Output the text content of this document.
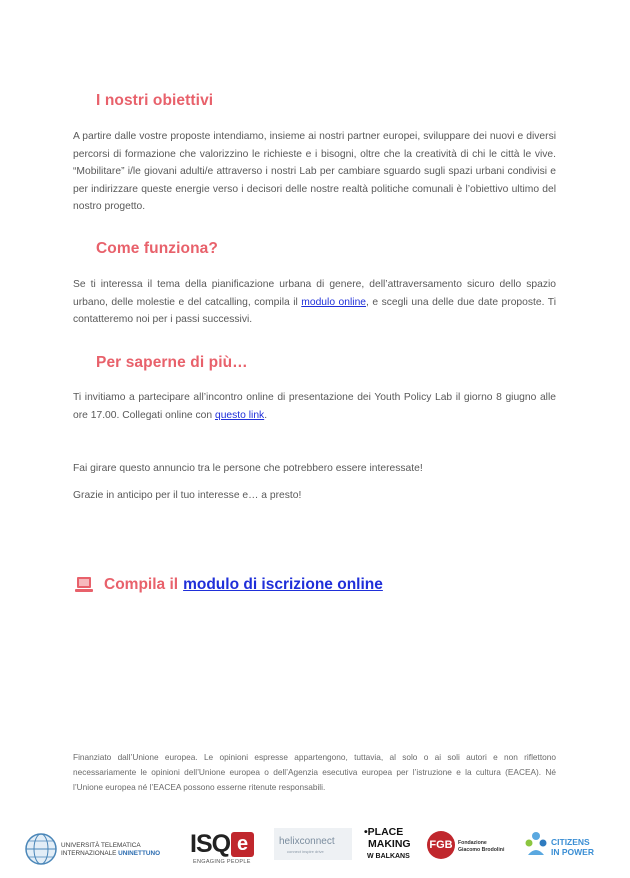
I nostri obiettivi

A partire dalle vostre proposte intendiamo, insieme ai nostri partner europei, sviluppare dei nuovi e diversi percorsi di formazione che valorizzino le richieste e i bisogni, oltre che la creatività di chi le città le vive. “Mobilitare” i/le giovani adulti/e attraverso i nostri Lab per cambiare sguardo sugli spazi urbani condivisi e per indirizzare queste energie verso i decisori delle nostre realtà politiche comunali è l’obiettivo ultimo del nostro progetto.

Come funziona?

Se ti interessa il tema della pianificazione urbana di genere, dell’attraversamento sicuro dello spazio urbano, delle molestie e del catcalling, compila il modulo online, e scegli una delle due date proposte. Ti contatteremo noi per i passi successivi.

Per saperne di più…

Ti invitiamo a partecipare all’incontro online di presentazione dei Youth Policy Lab il giorno 8 giugno alle ore 17.00. Collegati online con questo link.

Fai girare questo annuncio tra le persone che potrebbero essere interessate!

Grazie in anticipo per il tuo interesse e… a presto!

Compila il modulo di iscrizione online

Finanziato dall’Unione europea. Le opinioni espresse appartengono, tuttavia, al solo o ai soli autori e non riflettono necessariamente le opinioni dell’Unione europea o dell’Agenzia esecutiva europea per l’istruzione e la cultura (EACEA). Né l’Unione europea né l’EACEA possono esserne ritenute responsabili.

UNIVERSITÀ TELEMATICA
INTERNAZIONALE UNINETTUNO ISQ e
ENGAGING PEOPLE
helixconnect
connect inspire drive
•PLACE
MAKING
W BALKANS
FGB	Fondazione
Giacomo Brodolini
CITIZENS
IN POWER
